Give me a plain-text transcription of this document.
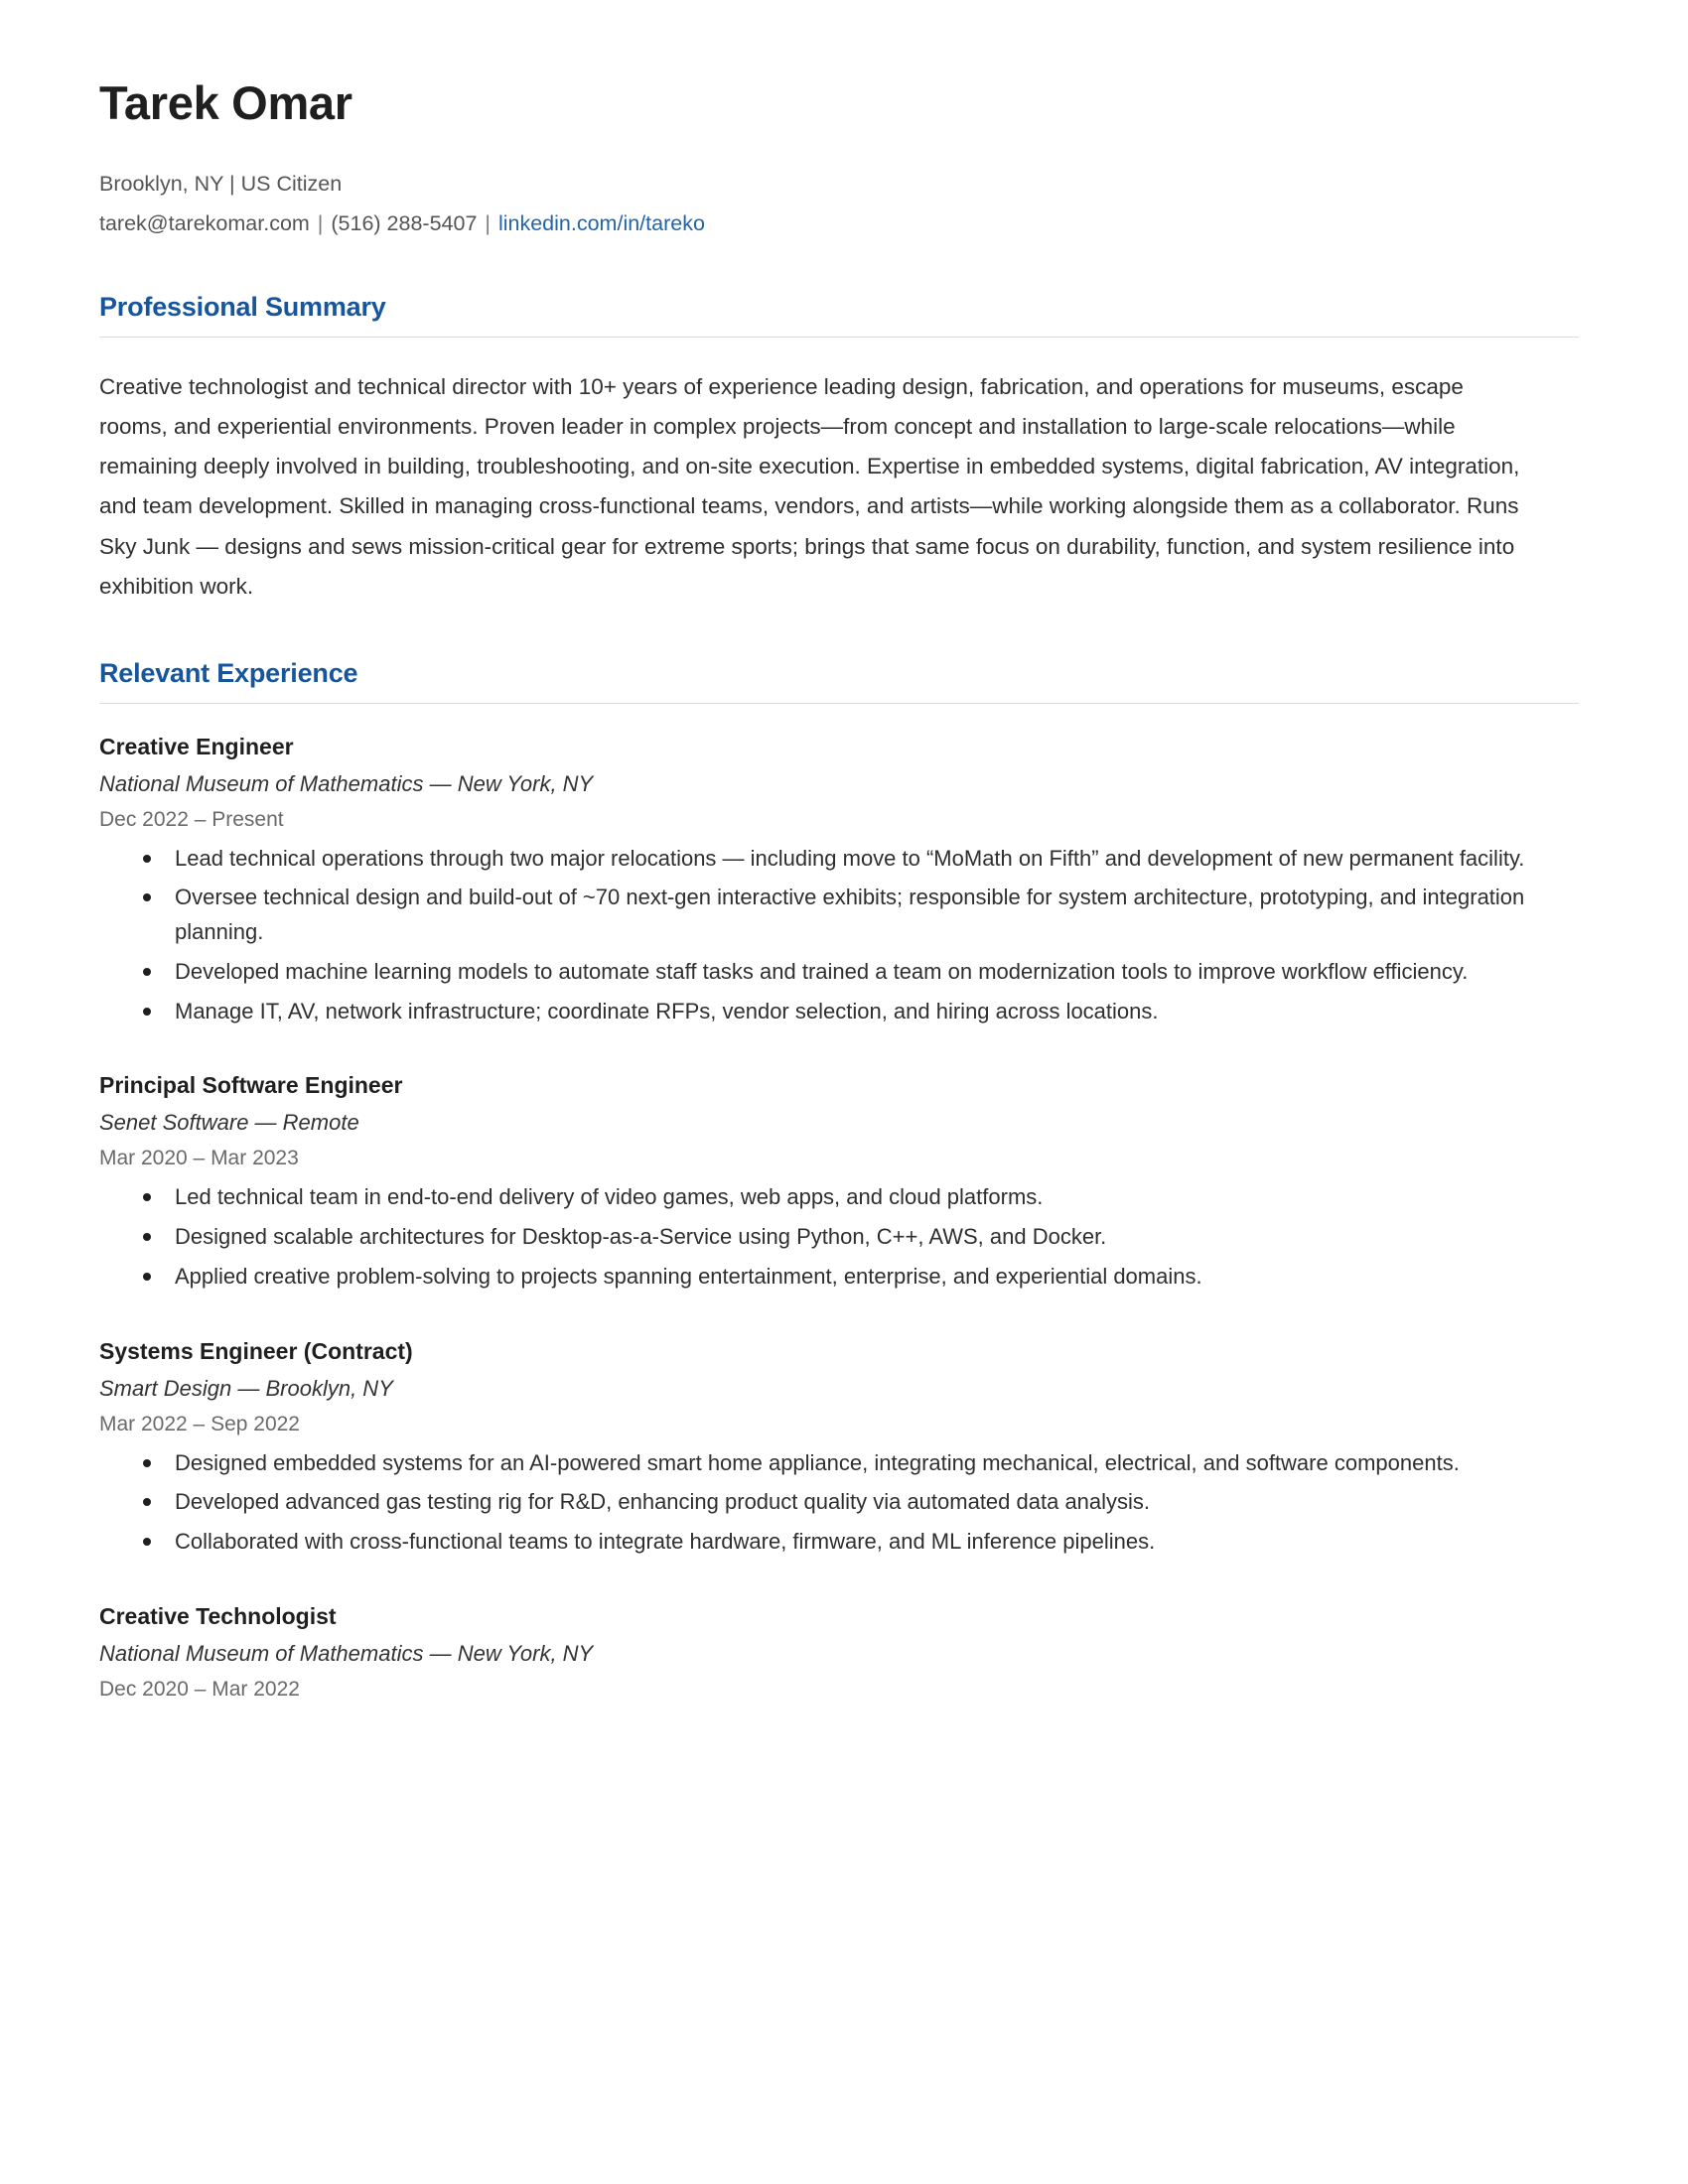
Tarek Omar

Brooklyn, NY | US Citizen

tarek@tarekomar.com | (516) 288-5407 | linkedin.com/in/tareko

Professional Summary

Creative technologist and technical director with 10+ years of experience leading design, fabrication, and operations for museums, escape rooms, and experiential environments. Proven leader in complex projects—from concept and installation to large-scale relocations—while remaining deeply involved in building, troubleshooting, and on-site execution. Expertise in embedded systems, digital fabrication, AV integration, and team development. Skilled in managing cross-functional teams, vendors, and artists—while working alongside them as a collaborator. Runs Sky Junk — designs and sews mission-critical gear for extreme sports; brings that same focus on durability, function, and system resilience into exhibition work.

Relevant Experience
Creative Engineer
National Museum of Mathematics — New York, NY
Dec 2022 – Present
Lead technical operations through two major relocations — including move to “MoMath on Fifth” and development of new permanent facility.
Oversee technical design and build-out of ~70 next-gen interactive exhibits; responsible for system architecture, prototyping, and integration planning.
Developed machine learning models to automate staff tasks and trained a team on modernization tools to improve workflow efficiency.
Manage IT, AV, network infrastructure; coordinate RFPs, vendor selection, and hiring across locations.
Principal Software Engineer
Senet Software — Remote
Mar 2020 – Mar 2023
Led technical team in end-to-end delivery of video games, web apps, and cloud platforms.
Designed scalable architectures for Desktop-as-a-Service using Python, C++, AWS, and Docker.
Applied creative problem-solving to projects spanning entertainment, enterprise, and experiential domains.
Systems Engineer (Contract)
Smart Design — Brooklyn, NY
Mar 2022 – Sep 2022
Designed embedded systems for an AI-powered smart home appliance, integrating mechanical, electrical, and software components.
Developed advanced gas testing rig for R&D, enhancing product quality via automated data analysis.
Collaborated with cross-functional teams to integrate hardware, firmware, and ML inference pipelines.
Creative Technologist
National Museum of Mathematics — New York, NY
Dec 2020 – Mar 2022
